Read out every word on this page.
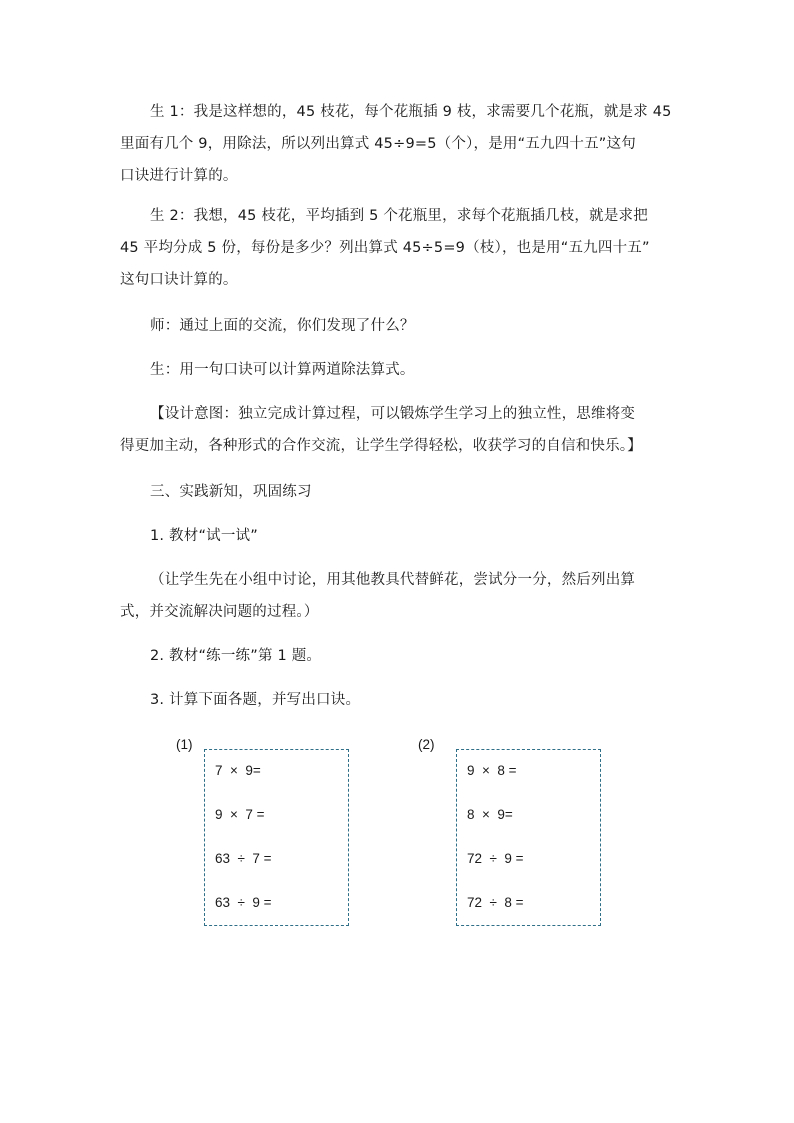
生 1：我是这样想的，45 枝花，每个花瓶插 9 枝，求需要几个花瓶，就是求 45
里面有几个 9，用除法，所以列出算式 45÷9=5（个），是用“五九四十五”这句
口诀进行计算的。
生 2：我想，45 枝花，平均插到 5 个花瓶里，求每个花瓶插几枝，就是求把
45 平均分成 5 份，每份是多少？列出算式 45÷5=9（枝），也是用“五九四十五”
这句口诀计算的。
师：通过上面的交流，你们发现了什么？
生：用一句口诀可以计算两道除法算式。
【设计意图：独立完成计算过程，可以锻炼学生学习上的独立性，思维将变
得更加主动，各种形式的合作交流，让学生学得轻松，收获学习的自信和快乐。】
三、实践新知，巩固练习
1. 教材“试一试”
（让学生先在小组中讨论，用其他教具代替鲜花，尝试分一分，然后列出算
式，并交流解决问题的过程。）
2. 教材“练一练”第 1 题。
3. 计算下面各题，并写出口诀。
(1)
7  ×  9=
9  ×  7 =
63  ÷  7 =
63  ÷  9 =
(2)
9  ×  8 =
8  ×  9=
72  ÷  9 =
72  ÷  8 =
